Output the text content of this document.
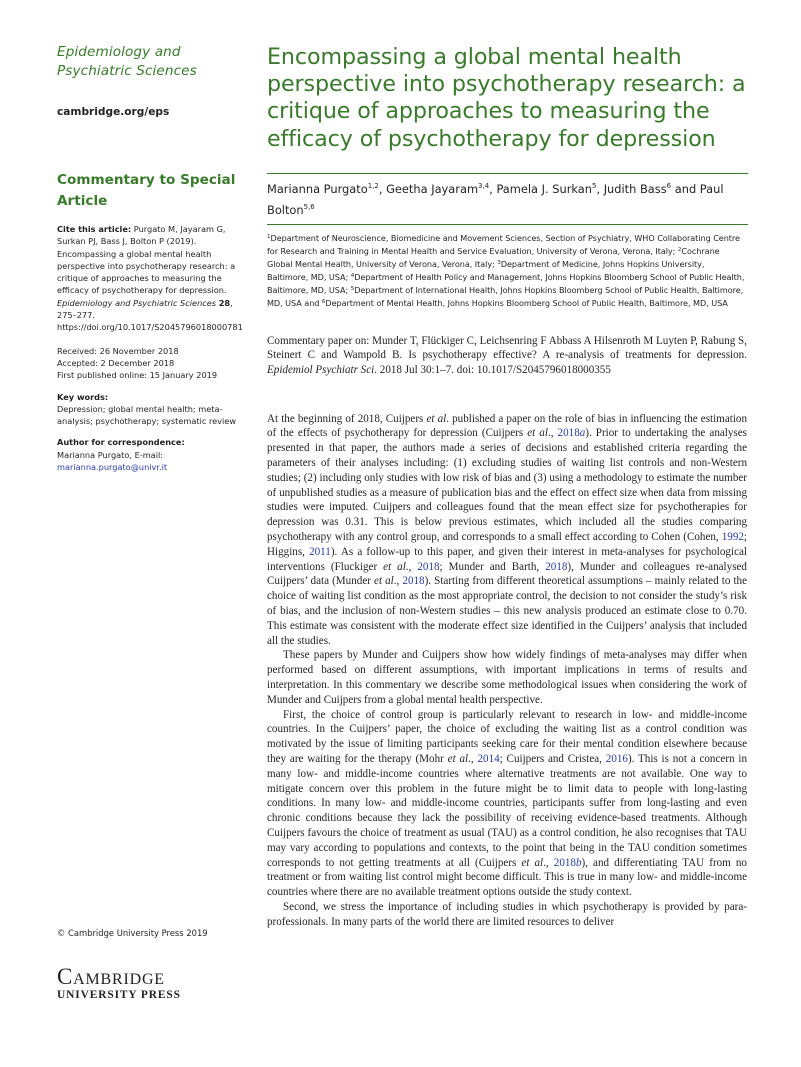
Epidemiology and Psychiatric Sciences
cambridge.org/eps
Commentary to Special Article
Cite this article: Purgato M, Jayaram G, Surkan PJ, Bass J, Bolton P (2019). Encompassing a global mental health perspective into psychotherapy research: a critique of approaches to measuring the efficacy of psychotherapy for depression. Epidemiology and Psychiatric Sciences 28, 275–277. https://doi.org/10.1017/S2045796018000781
Received: 26 November 2018
Accepted: 2 December 2018
First published online: 15 January 2019
Key words:
Depression; global mental health; meta-analysis; psychotherapy; systematic review
Author for correspondence:
Marianna Purgato, E-mail: marianna.purgato@univr.it
© Cambridge University Press 2019
Cambridge
UNIVERSITY PRESS
Encompassing a global mental health perspective into psychotherapy research: a critique of approaches to measuring the efficacy of psychotherapy for depression
Marianna Purgato$^{1,2}$, Geetha Jayaram$^{3,4}$, Pamela J. Surkan$^5$, Judith Bass$^6$ and Paul Bolton$^{5,6}$
$^1$Department of Neuroscience, Biomedicine and Movement Sciences, Section of Psychiatry, WHO Collaborating Centre for Research and Training in Mental Health and Service Evaluation, University of Verona, Verona, Italy; $^2$Cochrane Global Mental Health, University of Verona, Verona, Italy; $^3$Department of Medicine, Johns Hopkins University, Baltimore, MD, USA; $^4$Department of Health Policy and Management, Johns Hopkins Bloomberg School of Public Health, Baltimore, MD, USA; $^5$Department of International Health, Johns Hopkins Bloomberg School of Public Health, Baltimore, MD, USA and $^6$Department of Mental Health, Johns Hopkins Bloomberg School of Public Health, Baltimore, MD, USA
Commentary paper on: Munder T, Flückiger C, Leichsenring F Abbass A Hilsenroth M Luyten P, Rabung S, Steinert C and Wampold B. Is psychotherapy effective? A re-analysis of treatments for depression. Epidemiol Psychiatr Sci. 2018 Jul 30:1–7. doi: 10.1017/S2045796018000355

At the beginning of 2018, Cuijpers et al. published a paper on the role of bias in influencing the estimation of the effects of psychotherapy for depression (Cuijpers et al., 2018a). Prior to undertaking the analyses presented in that paper, the authors made a series of decisions and established criteria regarding the parameters of their analyses including: (1) excluding studies of waiting list controls and non-Western studies; (2) including only studies with low risk of bias and (3) using a methodology to estimate the number of unpublished studies as a measure of publication bias and the effect on effect size when data from missing studies were imputed. Cuijpers and colleagues found that the mean effect size for psychotherapies for depression was 0.31. This is below previous estimates, which included all the studies comparing psychotherapy with any control group, and corresponds to a small effect according to Cohen (Cohen, 1992; Higgins, 2011). As a follow-up to this paper, and given their interest in meta-analyses for psychological interventions (Fluckiger et al., 2018; Munder and Barth, 2018), Munder and colleagues re-analysed Cuijpers’ data (Munder et al., 2018). Starting from different theoretical assumptions – mainly related to the choice of waiting list condition as the most appropriate control, the decision to not consider the study’s risk of bias, and the inclusion of non-Western studies – this new analysis produced an estimate close to 0.70. This estimate was consistent with the moderate effect size identified in the Cuijpers’ analysis that included all the studies.

These papers by Munder and Cuijpers show how widely findings of meta-analyses may differ when performed based on different assumptions, with important implications in terms of results and interpretation. In this commentary we describe some methodological issues when considering the work of Munder and Cuijpers from a global mental health perspective.

First, the choice of control group is particularly relevant to research in low- and middle-income countries. In the Cuijpers’ paper, the choice of excluding the waiting list as a control condition was motivated by the issue of limiting participants seeking care for their mental condition elsewhere because they are waiting for the therapy (Mohr et al., 2014; Cuijpers and Cristea, 2016). This is not a concern in many low- and middle-income countries where alternative treatments are not available. One way to mitigate concern over this problem in the future might be to limit data to people with long-lasting conditions. In many low- and middle-income countries, participants suffer from long-lasting and even chronic conditions because they lack the possibility of receiving evidence-based treatments. Although Cuijpers favours the choice of treatment as usual (TAU) as a control condition, he also recognises that TAU may vary according to populations and contexts, to the point that being in the TAU condition sometimes corresponds to not getting treatments at all (Cuijpers et al., 2018b), and differentiating TAU from no treatment or from waiting list control might become difficult. This is true in many low- and middle-income countries where there are no available treatment options outside the study context.

Second, we stress the importance of including studies in which psychotherapy is provided by para-professionals. In many parts of the world there are limited resources to deliver
